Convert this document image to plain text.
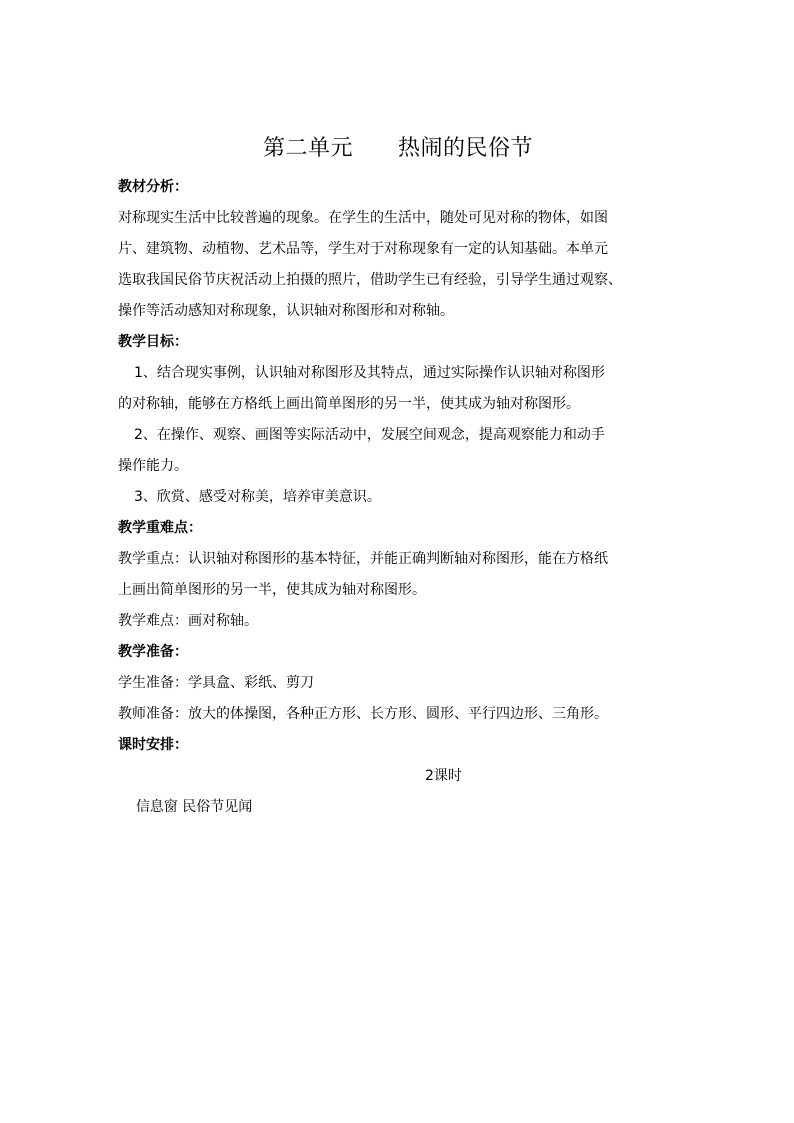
第二单元　　热闹的民俗节
教材分析：
对称现实生活中比较普遍的现象。在学生的生活中，随处可见对称的物体，如图
片、建筑物、动植物、艺术品等，学生对于对称现象有一定的认知基础。本单元
选取我国民俗节庆祝活动上拍摄的照片，借助学生已有经验，引导学生通过观察、
操作等活动感知对称现象，认识轴对称图形和对称轴。
教学目标：
1、结合现实事例，认识轴对称图形及其特点，通过实际操作认识轴对称图形
的对称轴，能够在方格纸上画出简单图形的另一半，使其成为轴对称图形。
2、在操作、观察、画图等实际活动中，发展空间观念，提高观察能力和动手
操作能力。
3、欣赏、感受对称美，培养审美意识。
教学重难点：
教学重点：认识轴对称图形的基本特征，并能正确判断轴对称图形，能在方格纸
上画出简单图形的另一半，使其成为轴对称图形。
教学难点：画对称轴。
教学准备：
学生准备：学具盒、彩纸、剪刀
教师准备：放大的体操图，各种正方形、长方形、圆形、平行四边形、三角形。
课时安排：

信息窗 民俗节见闻

2课时
